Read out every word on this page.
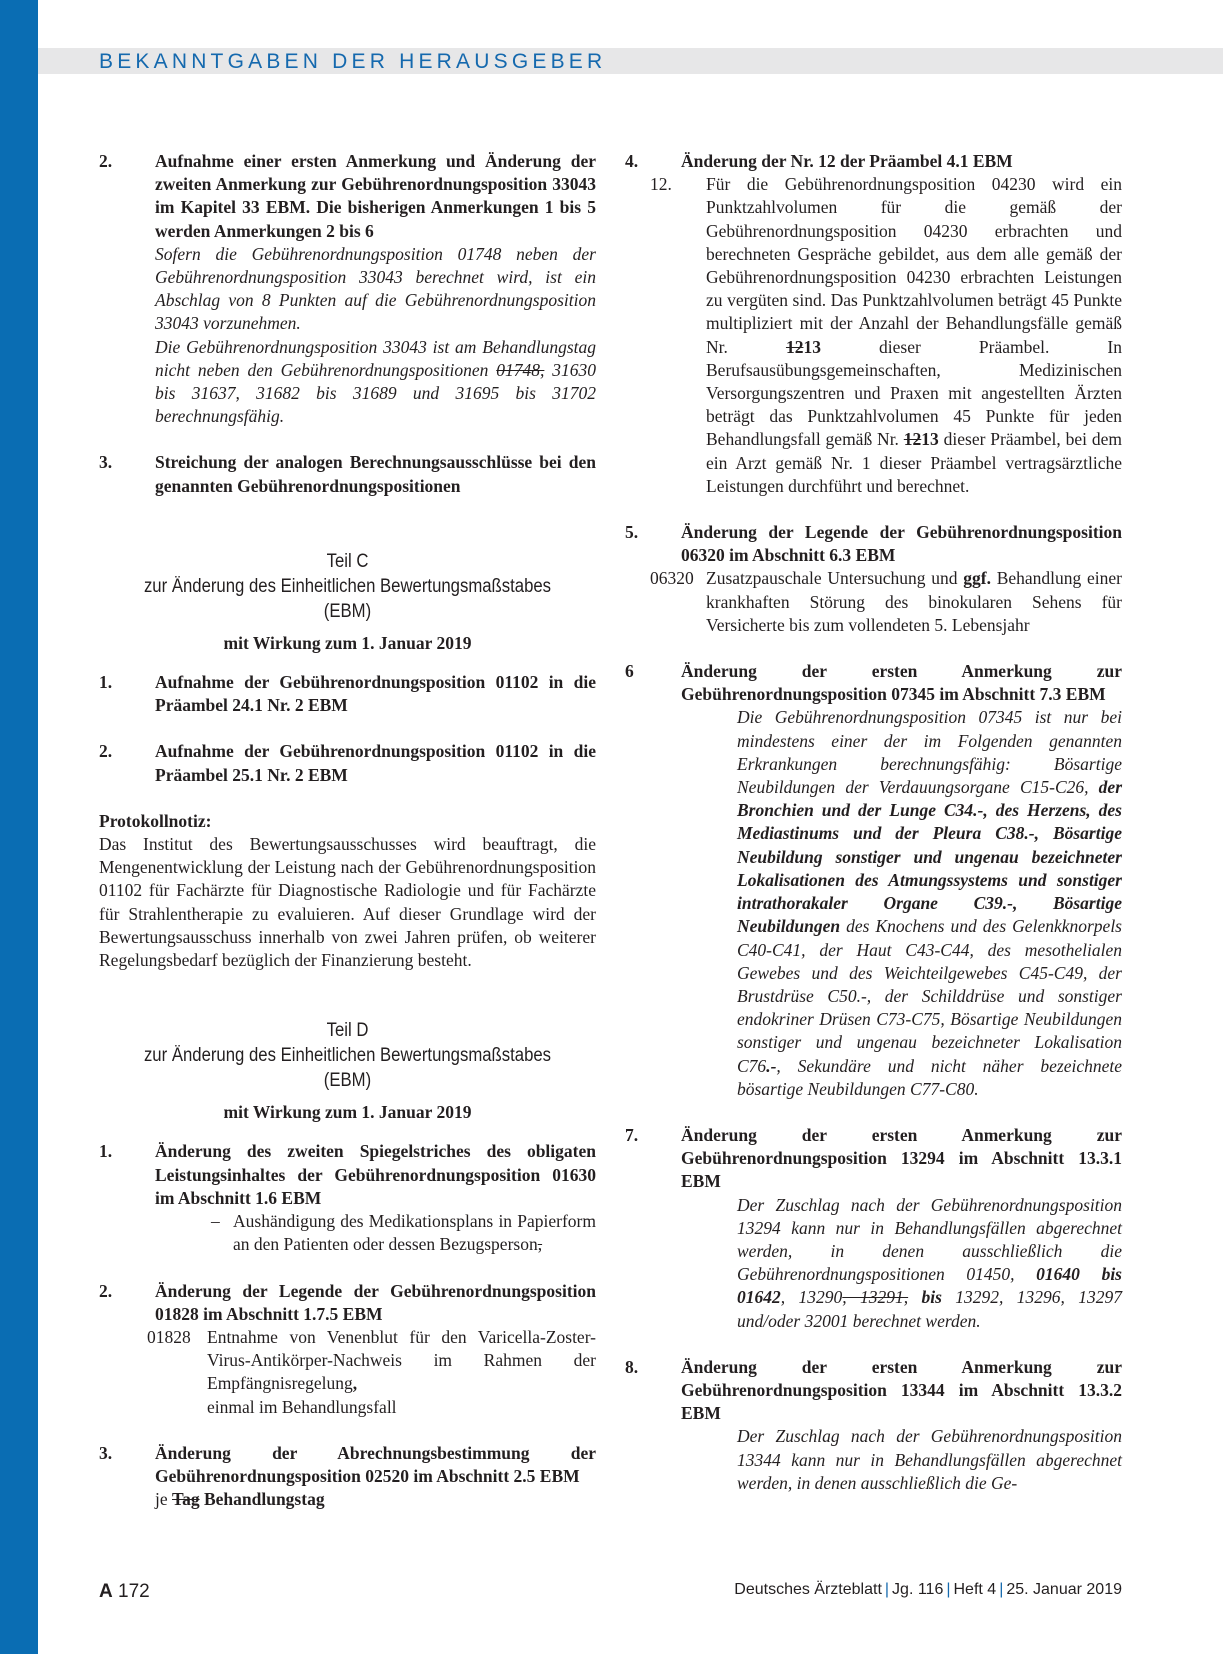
BEKANNTGABEN DER HERAUSGEBER
2.	Aufnahme einer ersten Anmerkung und Änderung der zweiten Anmerkung zur Gebührenordnungsposition 33043 im Kapitel 33 EBM. Die bisherigen Anmerkungen 1 bis 5 werden Anmerkungen 2 bis 6

Sofern die Gebührenordnungsposition 01748 neben der Gebührenordnungsposition 33043 berechnet wird, ist ein Abschlag von 8 Punkten auf die Gebührenordnungsposition 33043 vorzunehmen.

Die Gebührenordnungsposition 33043 ist am Behandlungstag nicht neben den Gebührenordnungspositionen 01748, 31630 bis 31637, 31682 bis 31689 und 31695 bis 31702 berechnungsfähig.

3.	Streichung der analogen Berechnungsausschlüsse bei den genannten Gebührenordnungspositionen

Teil C

zur Änderung des Einheitlichen Bewertungsmaßstabes (EBM)

mit Wirkung zum 1. Januar 2019

1.	Aufnahme der Gebührenordnungsposition 01102 in die Präambel 24.1 Nr. 2 EBM

2.	Aufnahme der Gebührenordnungsposition 01102 in die Präambel 25.1 Nr. 2 EBM

Protokollnotiz:

Das Institut des Bewertungsausschusses wird beauftragt, die Mengenentwicklung der Leistung nach der Gebührenordnungsposition 01102 für Fachärzte für Diagnostische Radiologie und für Fachärzte für Strahlentherapie zu evaluieren. Auf dieser Grundlage wird der Bewertungsausschuss innerhalb von zwei Jahren prüfen, ob weiterer Regelungsbedarf bezüglich der Finanzierung besteht.

Teil D

zur Änderung des Einheitlichen Bewertungsmaßstabes (EBM)

mit Wirkung zum 1. Januar 2019

1.	Änderung des zweiten Spiegelstriches des obligaten Leistungsinhaltes der Gebührenordnungsposition 01630 im Abschnitt 1.6 EBM

– Aushändigung des Medikationsplans in Papierform an den Patienten oder dessen Bezugsperson,

2.	Änderung der Legende der Gebührenordnungsposition 01828 im Abschnitt 1.7.5 EBM

01828 Entnahme von Venenblut für den Varicella-Zoster-Virus-Antikörper-Nachweis im Rahmen der Empfängnisregelung,
einmal im Behandlungsfall
3.	Änderung der Abrechnungsbestimmung der Gebührenordnungsposition 02520 im Abschnitt 2.5 EBM

je Tag Behandlungstag

4.	Änderung der Nr. 12 der Präambel 4.1 EBM

12.	Für die Gebührenordnungsposition 04230 wird ein Punktzahlvolumen für die gemäß der Gebührenordnungsposition 04230 erbrachten und berechneten Gespräche gebildet, aus dem alle gemäß der Gebührenordnungsposition 04230 erbrachten Leistungen zu vergüten sind. Das Punktzahlvolumen beträgt 45 Punkte multipliziert mit der Anzahl der Behandlungsfälle gemäß Nr. 1213 dieser Präambel. In Berufsausübungsgemeinschaften, Medizinischen Versorgungszentren und Praxen mit angestellten Ärzten beträgt das Punktzahlvolumen 45 Punkte für jeden Behandlungsfall gemäß Nr. 1213 dieser Präambel, bei dem ein Arzt gemäß Nr. 1 dieser Präambel vertragsärztliche Leistungen durchführt und berechnet.

5.	Änderung der Legende der Gebührenordnungsposition 06320 im Abschnitt 6.3 EBM

06320 Zusatzpauschale Untersuchung und ggf. Behandlung einer krankhaften Störung des binokularen Sehens für Versicherte bis zum vollendeten 5. Lebensjahr

6	Änderung der ersten Anmerkung zur Gebührenordnungsposition 07345 im Abschnitt 7.3 EBM

Die Gebührenordnungsposition 07345 ist nur bei mindestens einer der im Folgenden genannten Erkrankungen berechnungsfähig: Bösartige Neubildungen der Verdauungsorgane C15-C26, der Bronchien und der Lunge C34.-, des Herzens, des Mediastinums und der Pleura C38.-, Bösartige Neubildung sonstiger und ungenau bezeichneter Lokalisationen des Atmungssystems und sonstiger intrathorakaler Organe C39.-, Bösartige Neubildungen des Knochens und des Gelenkknorpels C40-C41, der Haut C43-C44, des mesothelialen Gewebes und des Weichteilgewebes C45-C49, der Brustdrüse C50.-, der Schilddrüse und sonstiger endokriner Drüsen C73-C75, Bösartige Neubildungen sonstiger und ungenau bezeichneter Lokalisation C76.-, Sekundäre und nicht näher bezeichnete bösartige Neubildungen C77-C80.

7.	Änderung der ersten Anmerkung zur Gebührenordnungsposition 13294 im Abschnitt 13.3.1 EBM

Der Zuschlag nach der Gebührenordnungsposition 13294 kann nur in Behandlungsfällen abgerechnet werden, in denen ausschließlich die Gebührenordnungspositionen 01450, 01640 bis 01642, 13290, 13291, bis 13292, 13296, 13297 und/oder 32001 berechnet werden.

8.	Änderung der ersten Anmerkung zur Gebührenordnungsposition 13344 im Abschnitt 13.3.2 EBM

Der Zuschlag nach der Gebührenordnungsposition 13344 kann nur in Behandlungsfällen abgerechnet werden, in denen ausschließlich die Ge-

A 172	Deutsches Ärzteblatt | Jg. 116 | Heft 4 | 25. Januar 2019
